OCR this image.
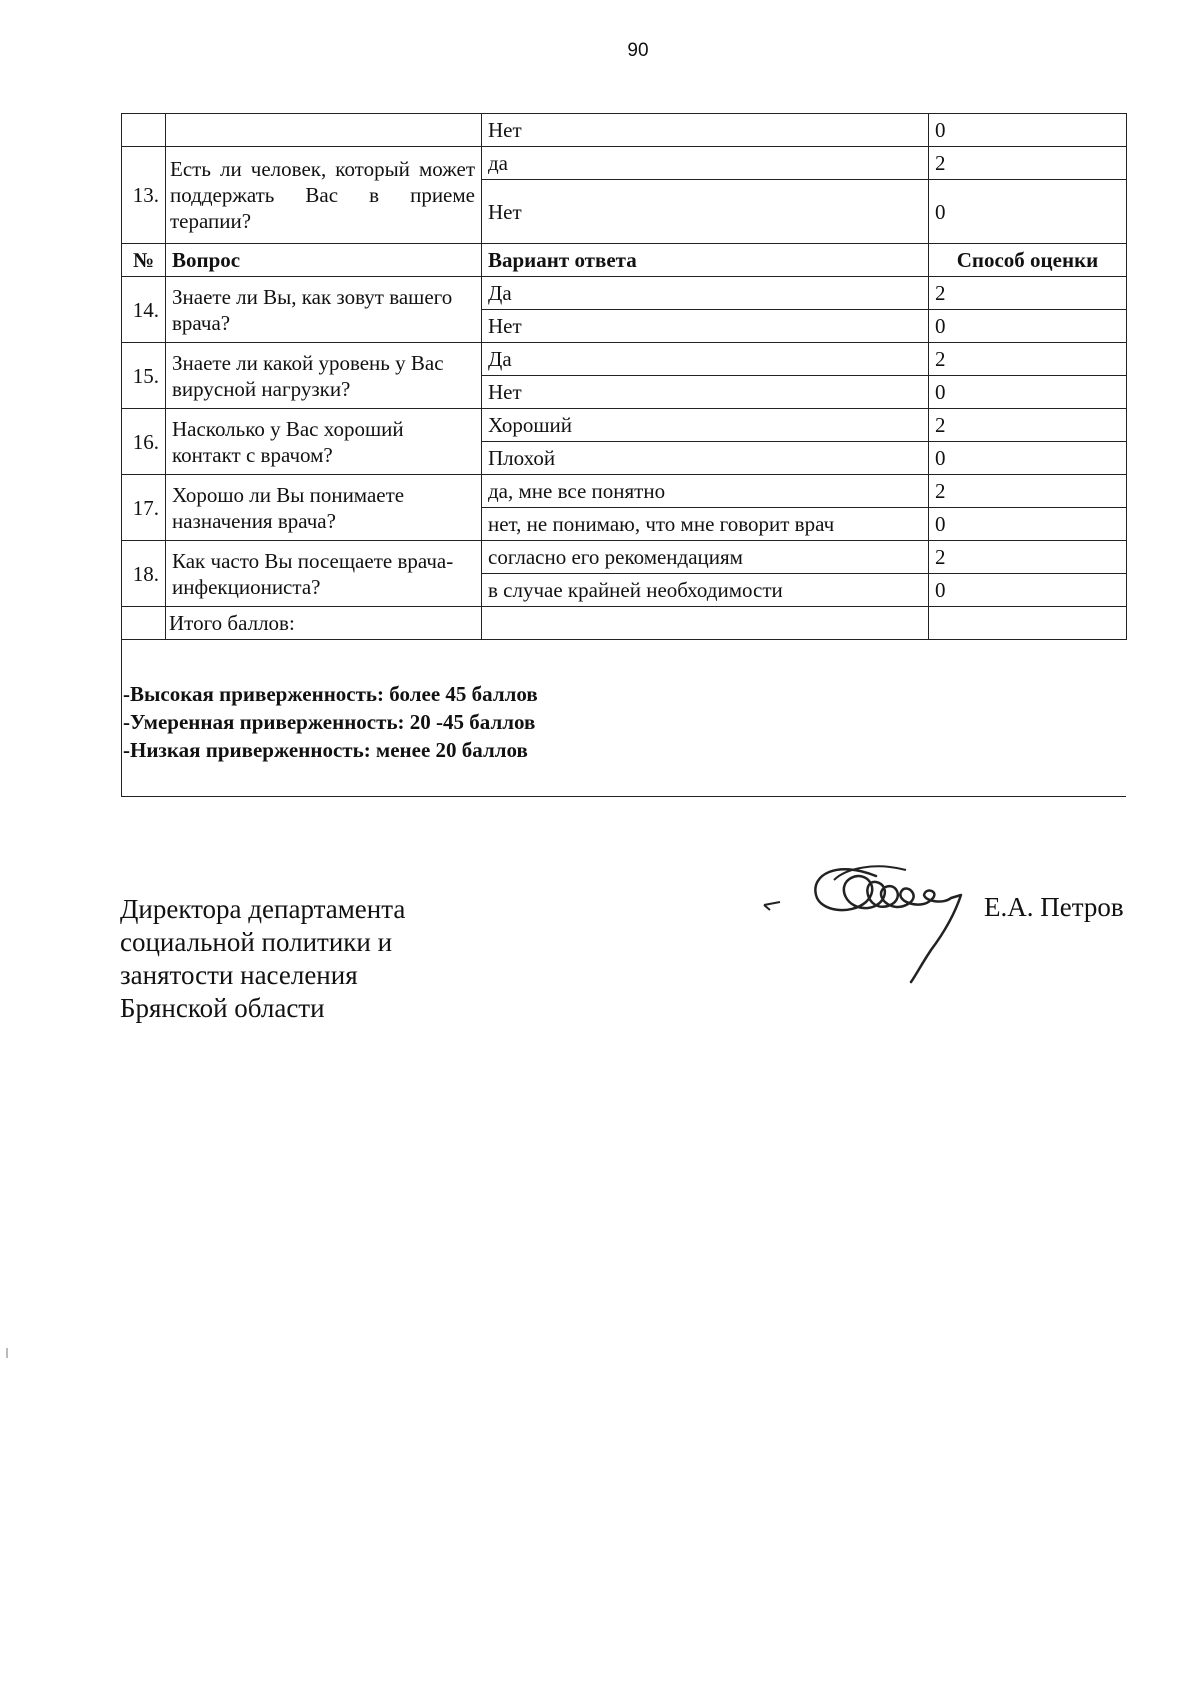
90
		Нет	0
13.	Есть ли человек, который может поддержать Вас в приеме терапии?	да	2
		Нет	0
№	Вопрос	Вариант ответа	Способ оценки
14.	Знаете ли Вы, как зовут вашего врача?	Да	2
		Нет	0
15.	Знаете ли какой уровень у Вас вирусной нагрузки?	Да	2
		Нет	0
16.	Насколько у Вас хороший контакт с врачом?	Хороший	2
		Плохой	0
17.	Хорошо ли Вы понимаете назначения врача?	да, мне все понятно	2
		нет, не понимаю, что мне говорит врач	0
18.	Как часто Вы посещаете врача- инфекциониста?	согласно его рекомендациям	2
		в случае крайней необходимости	0
	Итого баллов:		
-Высокая приверженность: более 45 баллов
-Умеренная приверженность: 20 -45 баллов
-Низкая приверженность: менее 20 баллов
Директора департамента
социальной политики и
занятости населения
Брянской области
Е.А. Петров
